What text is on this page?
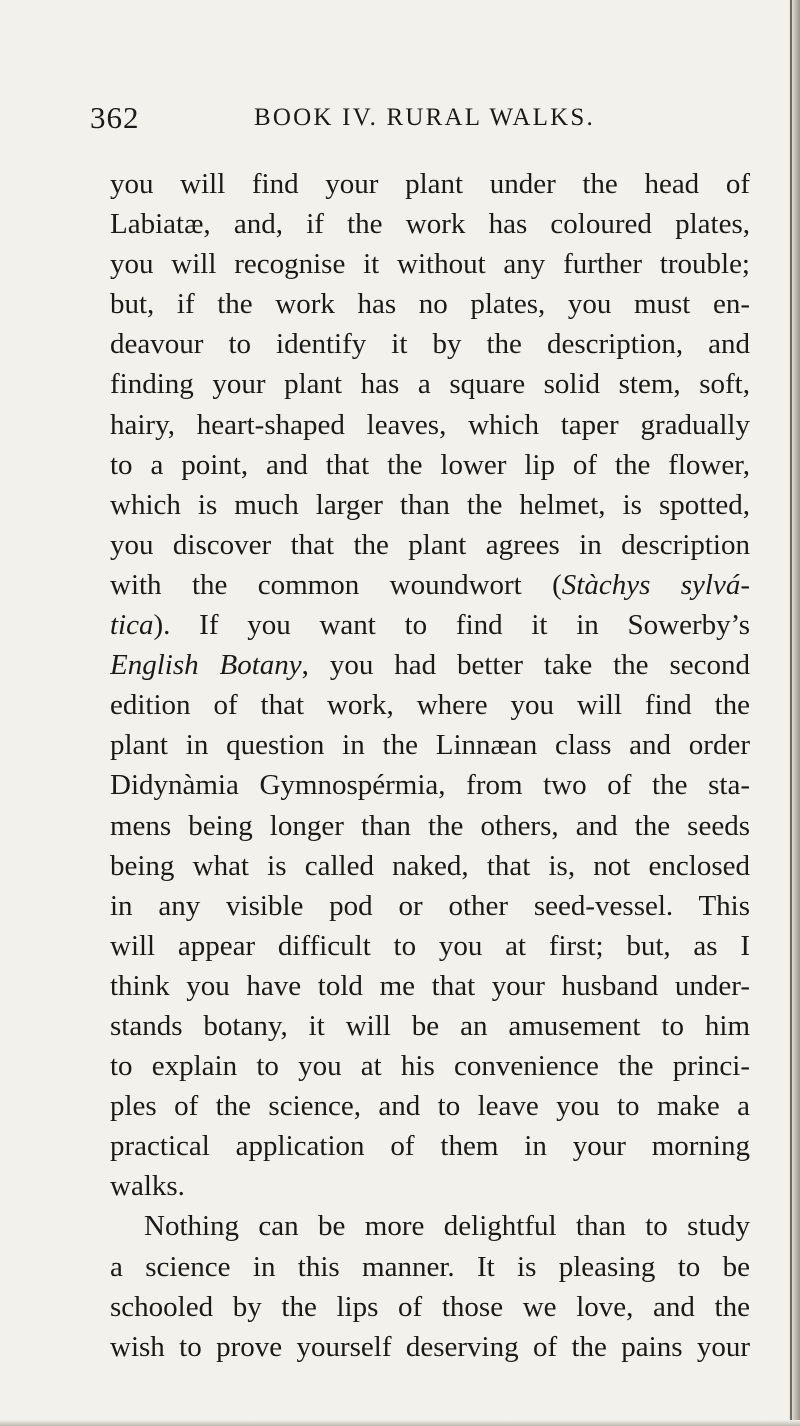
362	BOOK IV. RURAL WALKS.
you will find your plant under the head of
Labiatæ, and, if the work has coloured plates,
you will recognise it without any further trouble;
but, if the work has no plates, you must en-
deavour to identify it by the description, and
finding your plant has a square solid stem, soft,
hairy, heart-shaped leaves, which taper gradually
to a point, and that the lower lip of the flower,
which is much larger than the helmet, is spotted,
you discover that the plant agrees in description
with the common woundwort (Stàchys sylvá-
tica). If you want to find it in Sowerby’s
English Botany, you had better take the second
edition of that work, where you will find the
plant in question in the Linnæan class and order
Didynàmia Gymnospérmia, from two of the sta-
mens being longer than the others, and the seeds
being what is called naked, that is, not enclosed
in any visible pod or other seed-vessel. This
will appear difficult to you at first; but, as I
think you have told me that your husband under-
stands botany, it will be an amusement to him
to explain to you at his convenience the princi-
ples of the science, and to leave you to make a
practical application of them in your morning
walks.
Nothing can be more delightful than to study
a science in this manner. It is pleasing to be
schooled by the lips of those we love, and the
wish to prove yourself deserving of the pains your
